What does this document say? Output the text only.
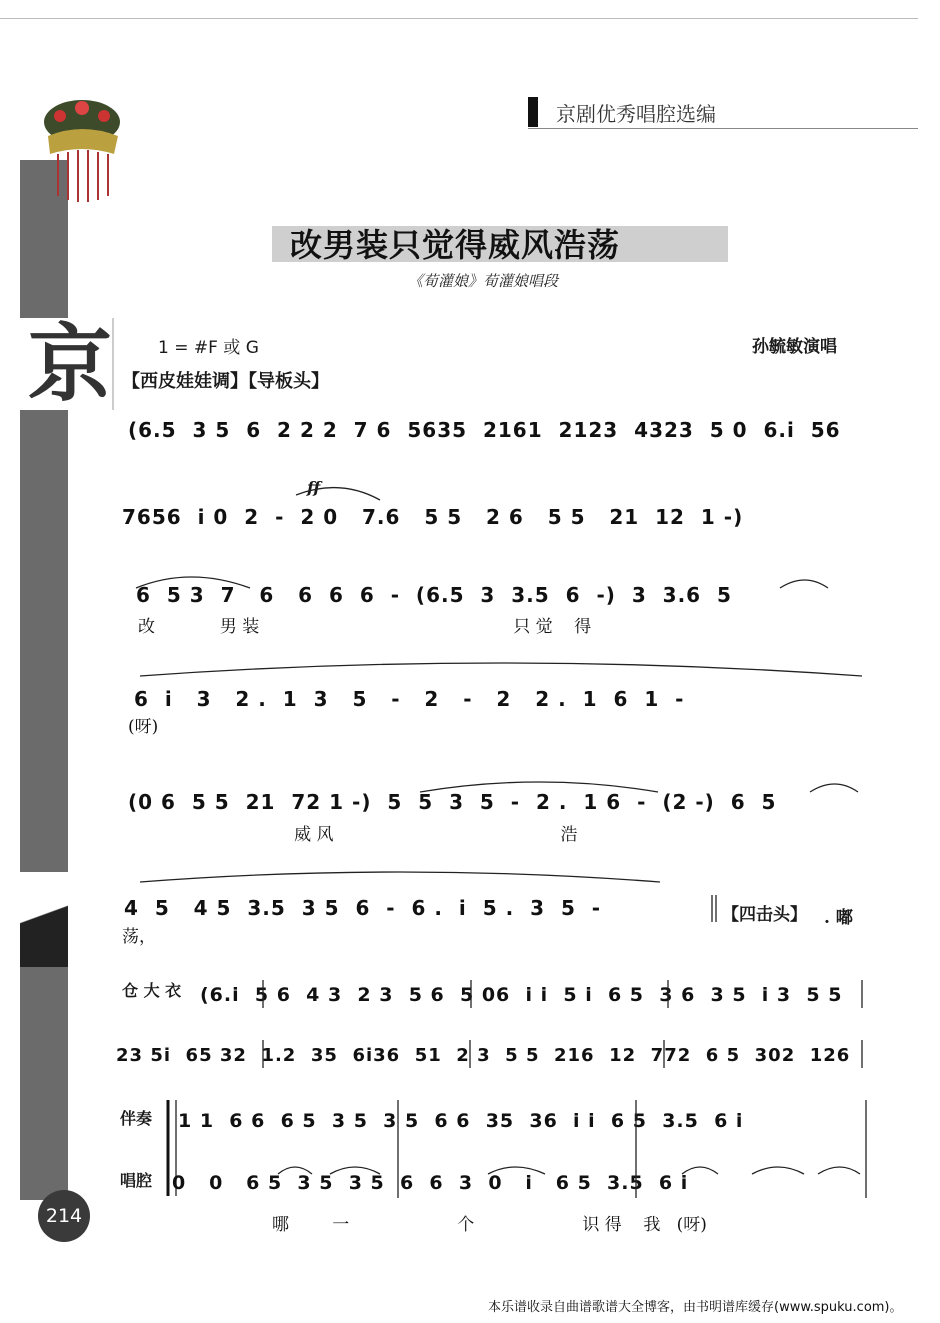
京
京剧优秀唱腔选编
改男装只觉得威风浩荡
《荀灌娘》荀灌娘唱段
1 = #F 或 G	孙毓敏演唱
【西皮娃娃调】【导板头】
(6.5  3 5  6  2 2 2  7 6  5635  2161  2123  4323  5 0  6.i  56
7656  i 0  2  -  2 0   7.6   5 5   2 6   5 5   21  12  1 -)
ff
6  5 3  7   6   6  6  6  -  (6.5  3  3.5  6  -)  3  3.6  5
改            男 装                                               只 觉    得
6  i   3   2 .  1  3   5   -   2   -   2   2 .  1  6  1  -
(呀)
(0 6  5 5  21  72 1 -)  5  5  3  5  -  2 .  1 6  -  (2 -)  6  5
威 风                                          浩
4  5   4 5  3.5  3 5  6  -  6 .  i  5 .  3  5  -
荡，
【四击头】 . 嘟
仓 大 衣 (6.i  5 6  4 3  2 3  5 6  5 06  i i  5 i  6 5  3 6  3 5  i 3  5 5
23 5i  65 32  1.2  35  6i36  51  2 3  5 5  216  12  772  6 5  302  126
伴奏 1 1  6 6  6 5  3 5  3 5  6 6  35  36  i i  6 5  3.5  6 i
唱腔 0   0   6 5  3 5  3 5  6  6  3  0   i   6 5  3.5  6 i
哪        一                    个                    识 得    我   (呀)
214
本乐谱收录自曲谱歌谱大全博客，由书明谱库缓存(www.spuku.com)。
